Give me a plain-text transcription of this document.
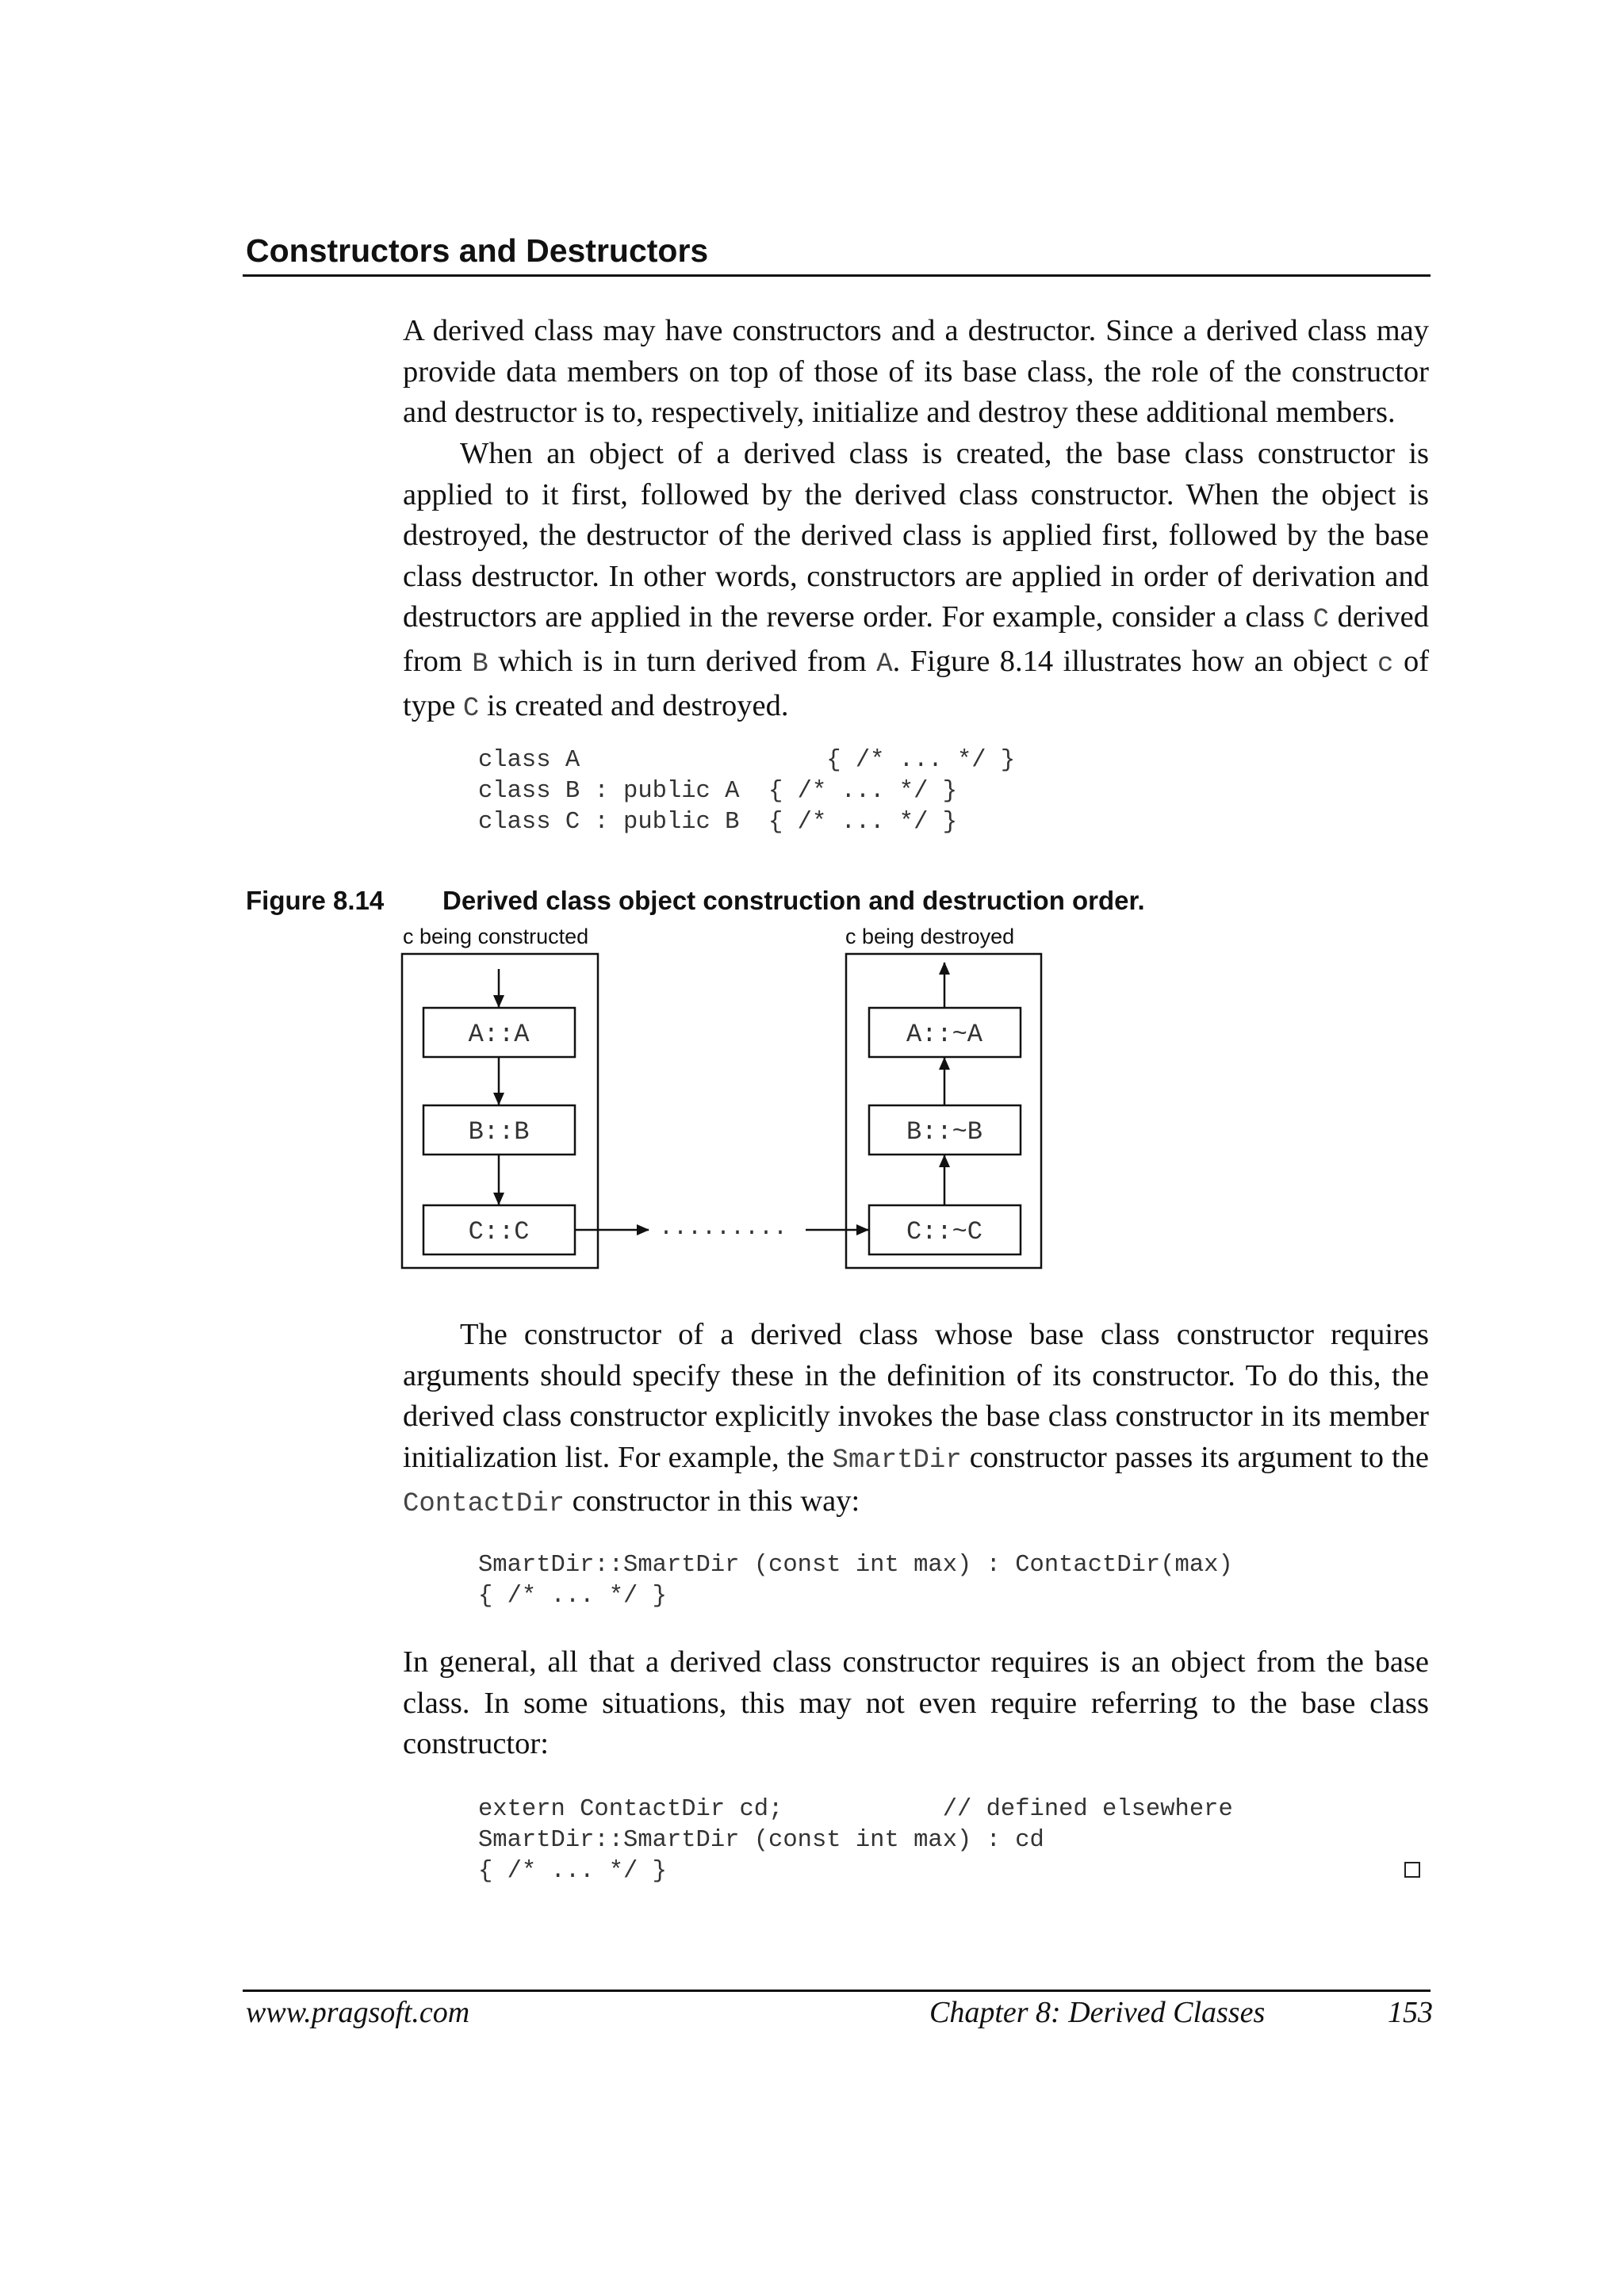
Constructors and Destructors
A derived class may have constructors and a destructor. Since a derived class may provide data members on top of those of its base class, the role of the constructor and destructor is to, respectively, initialize and destroy these additional members.
When an object of a derived class is created, the base class constructor is applied to it first, followed by the derived class constructor. When the object is destroyed, the destructor of the derived class is applied first, followed by the base class destructor. In other words, constructors are applied in order of derivation and destructors are applied in the reverse order. For example, consider a class C derived from B which is in turn derived from A. Figure 8.14 illustrates how an object c of type C is created and destroyed.
class A                 { /* ... */ }
class B : public A  { /* ... */ }
class C : public B  { /* ... */ }
Figure 8.14 Derived class object construction and destruction order.
c being constructed	c being destroyed
A::A
B::B
C::C	.........	C::~C
B::~B
A::~A
The constructor of a derived class whose base class constructor requires arguments should specify these in the definition of its constructor. To do this, the derived class constructor explicitly invokes the base class constructor in its member initialization list. For example, the SmartDir constructor passes its argument to the ContactDir constructor in this way:
SmartDir::SmartDir (const int max) : ContactDir(max)
{ /* ... */ }
In general, all that a derived class constructor requires is an object from the base class. In some situations, this may not even require referring to the base class constructor:
extern ContactDir cd;           // defined elsewhere
SmartDir::SmartDir (const int max) : cd
{ /* ... */ }
www.pragsoft.com	Chapter 8: Derived Classes	153
